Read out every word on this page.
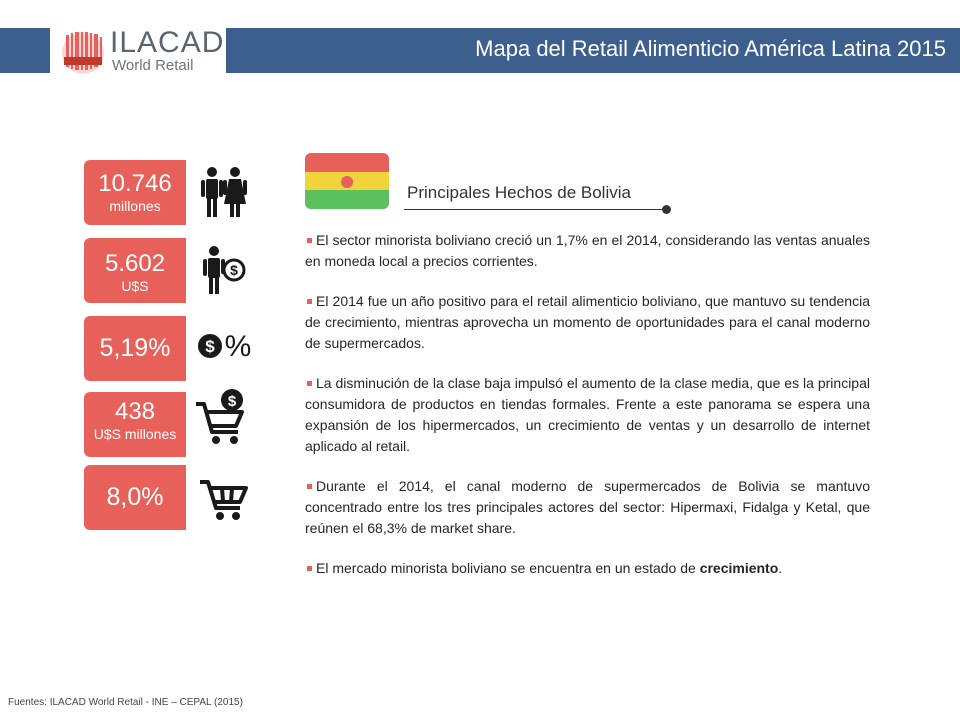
ILACAD
World Retail
Mapa del Retail Alimenticio América Latina 2015
10.746
millones
5.602
U$S
$
5,19%	$ %
438
U$S millones
$
8,0%
Principales Hechos de Bolivia

El sector minorista boliviano creció un 1,7% en el 2014, considerando las ventas anuales en moneda local a precios corrientes.

El 2014 fue un año positivo para el retail alimenticio boliviano, que mantuvo su tendencia de crecimiento, mientras aprovecha un momento de oportunidades para el canal moderno de supermercados.

La disminución de la clase baja impulsó el aumento de la clase media, que es la principal consumidora de productos en tiendas formales. Frente a este panorama se espera una expansión de los hipermercados, un crecimiento de ventas y un desarrollo de internet aplicado al retail.

Durante el 2014, el canal moderno de supermercados de Bolivia se mantuvo concentrado entre los tres principales actores del sector: Hipermaxi, Fidalga y Ketal, que reúnen el 68,3% de market share.

El mercado minorista boliviano se encuentra en un estado de crecimiento.

Fuentes: ILACAD World Retail - INE – CEPAL (2015)
